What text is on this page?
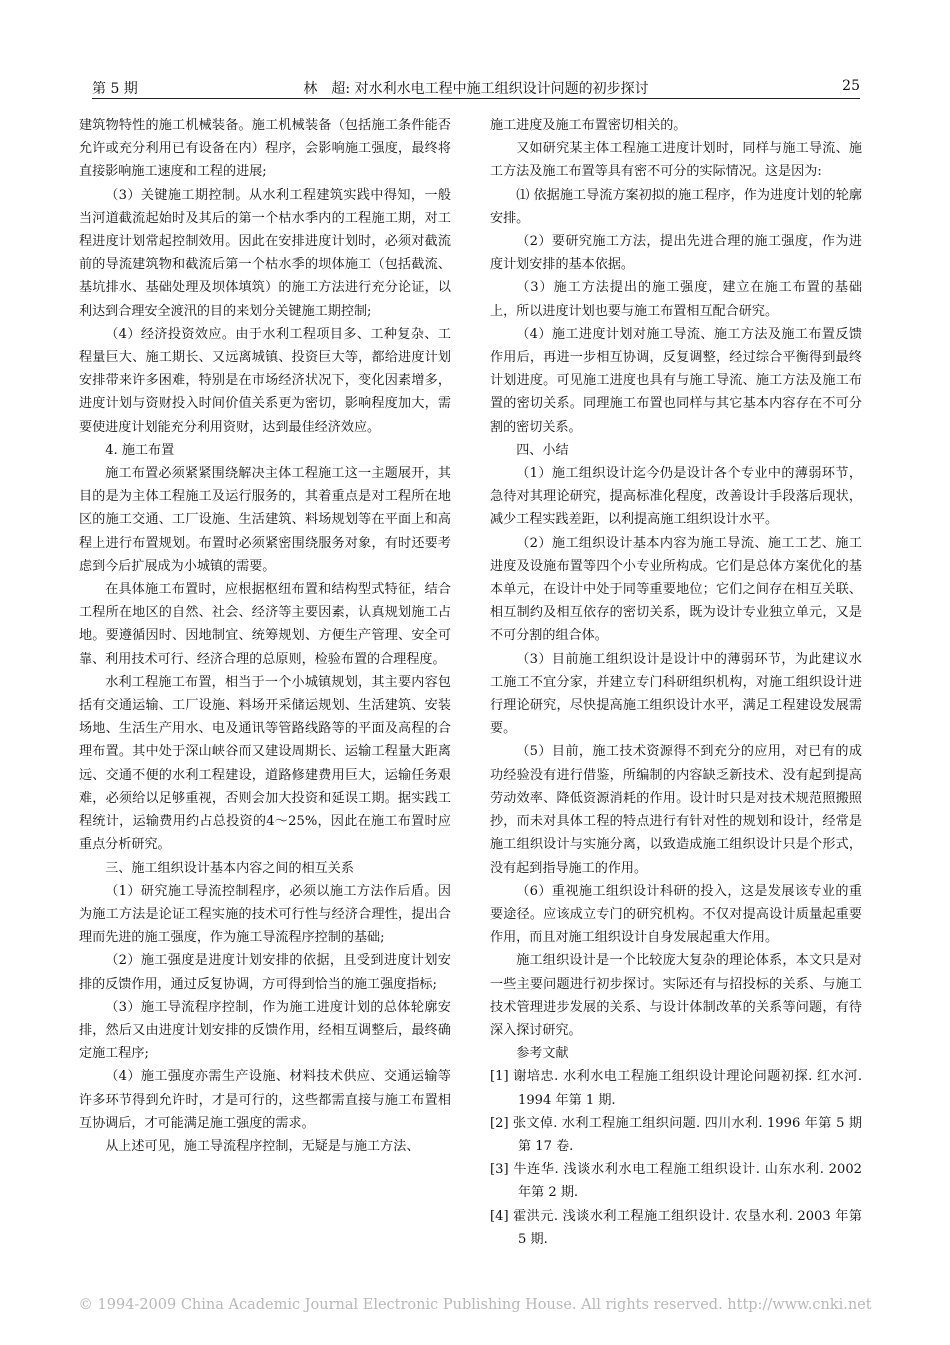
第 5 期	林　超: 对水利水电工程中施工组织设计问题的初步探讨	25

建筑物特性的施工机械装备。施工机械装备（包括施工条件能否允许或充分利用已有设备在内）程序，会影响施工强度，最终将直接影响施工速度和工程的进展;

（3）关键施工期控制。从水利工程建筑实践中得知，一般当河道截流起始时及其后的第一个枯水季内的工程施工期，对工程进度计划常起控制效用。因此在安排进度计划时，必须对截流前的导流建筑物和截流后第一个枯水季的坝体施工（包括截流、基坑排水、基础处理及坝体填筑）的施工方法进行充分论证，以利达到合理安全渡汛的目的来划分关键施工期控制;

（4）经济投资效应。由于水利工程项目多、工种复杂、工程量巨大、施工期长、又远离城镇、投资巨大等，都给进度计划安排带来许多困难，特别是在市场经济状况下，变化因素增多，进度计划与资财投入时间价值关系更为密切，影响程度加大，需要使进度计划能充分利用资财，达到最佳经济效应。

4. 施工布置

施工布置必须紧紧围绕解决主体工程施工这一主题展开，其目的是为主体工程施工及运行服务的，其着重点是对工程所在地区的施工交通、工厂设施、生活建筑、料场规划等在平面上和高程上进行布置规划。布置时必须紧密围绕服务对象，有时还要考虑到今后扩展成为小城镇的需要。

在具体施工布置时，应根据枢纽布置和结构型式特征，结合工程所在地区的自然、社会、经济等主要因素，认真规划施工占地。要遵循因时、因地制宜、统筹规划、方便生产管理、安全可靠、利用技术可行、经济合理的总原则，检验布置的合理程度。

水利工程施工布置，相当于一个小城镇规划，其主要内容包括有交通运输、工厂设施、料场开采储运规划、生活建筑、安装场地、生活生产用水、电及通讯等管路线路等的平面及高程的合理布置。其中处于深山峡谷而又建设周期长、运输工程量大距离远、交通不便的水利工程建设，道路修建费用巨大，运输任务艰难，必须给以足够重视，否则会加大投资和延误工期。据实践工程统计，运输费用约占总投资的4～25%，因此在施工布置时应重点分析研究。

三、施工组织设计基本内容之间的相互关系

（1）研究施工导流控制程序，必须以施工方法作后盾。因为施工方法是论证工程实施的技术可行性与经济合理性，提出合理而先进的施工强度，作为施工导流程序控制的基础;

（2）施工强度是进度计划安排的依据，且受到进度计划安排的反馈作用，通过反复协调，方可得到恰当的施工强度指标;

（3）施工导流程序控制，作为施工进度计划的总体轮廓安排，然后又由进度计划安排的反馈作用，经相互调整后，最终确定施工程序;

（4）施工强度亦需生产设施、材料技术供应、交通运输等许多环节得到允许时，才是可行的，这些都需直接与施工布置相互协调后，才可能满足施工强度的需求。

从上述可见，施工导流程序控制，无疑是与施工方法、

施工进度及施工布置密切相关的。

又如研究某主体工程施工进度计划时，同样与施工导流、施工方法及施工布置等具有密不可分的实际情况。这是因为:

⑴ 依据施工导流方案初拟的施工程序，作为进度计划的轮廓安排。

（2）要研究施工方法，提出先进合理的施工强度，作为进度计划安排的基本依据。

（3）施工方法提出的施工强度，建立在施工布置的基础上，所以进度计划也要与施工布置相互配合研究。

（4）施工进度计划对施工导流、施工方法及施工布置反馈作用后，再进一步相互协调，反复调整，经过综合平衡得到最终计划进度。可见施工进度也具有与施工导流、施工方法及施工布置的密切关系。同理施工布置也同样与其它基本内容存在不可分割的密切关系。

四、小结

（1）施工组织设计迄今仍是设计各个专业中的薄弱环节，急待对其理论研究，提高标准化程度，改善设计手段落后现状，减少工程实践差距，以利提高施工组织设计水平。

（2）施工组织设计基本内容为施工导流、施工工艺、施工进度及设施布置等四个小专业所构成。它们是总体方案优化的基本单元，在设计中处于同等重要地位；它们之间存在相互关联、相互制约及相互依存的密切关系，既为设计专业独立单元，又是不可分割的组合体。

（3）目前施工组织设计是设计中的薄弱环节，为此建议水工施工不宜分家，并建立专门科研组织机构，对施工组织设计进行理论研究，尽快提高施工组织设计水平，满足工程建设发展需要。

（5）目前，施工技术资源得不到充分的应用，对已有的成功经验没有进行借鉴，所编制的内容缺乏新技术、没有起到提高劳动效率、降低资源消耗的作用。设计时只是对技术规范照搬照抄，而未对具体工程的特点进行有针对性的规划和设计，经常是施工组织设计与实施分离，以致造成施工组织设计只是个形式，没有起到指导施工的作用。

（6）重视施工组织设计科研的投入，这是发展该专业的重要途径。应该成立专门的研究机构。不仅对提高设计质量起重要作用，而且对施工组织设计自身发展起重大作用。

施工组织设计是一个比较庞大复杂的理论体系，本文只是对一些主要问题进行初步探讨。实际还有与招投标的关系、与施工技术管理进步发展的关系、与设计体制改革的关系等问题，有待深入探讨研究。

参考文献

[1] 谢培忠. 水利水电工程施工组织设计理论问题初探. 红水河. 1994 年第 1 期.

[2] 张文倬. 水利工程施工组织问题. 四川水利. 1996 年第 5 期第 17 卷.

[3] 牛连华. 浅谈水利水电工程施工组织设计. 山东水利. 2002 年第 2 期.

[4] 霍洪元. 浅谈水利工程施工组织设计. 农垦水利. 2003 年第 5 期.

© 1994-2009 China Academic Journal Electronic Publishing House. All rights reserved. http://www.cnki.net
